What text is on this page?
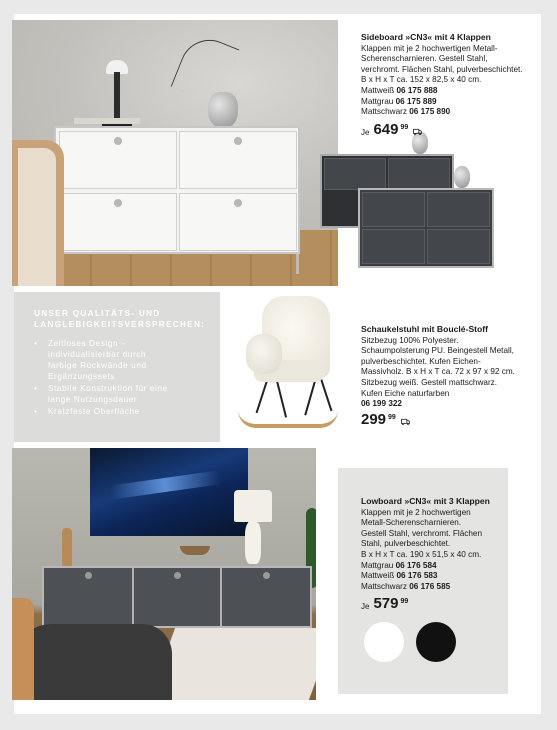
Sideboard »CN3« mit 4 Klappen
Klappen mit je 2 hochwertigen Metall-
Scherenscharnieren. Gestell Stahl,
verchromt. Flächen Stahl, pulverbeschichtet.
B x H x T ca. 152 x 82,5 x 40 cm.
Mattweiß 06 175 888
Mattgrau 06 175 889
Mattschwarz 06 175 890
Je 649 99
UNSER QUALITÄTS- UND
LANGLEBIGKEITSVERSPRECHEN:
• Zeitloses Design –
individualisierbar durch
farbige Rückwände und
Ergänzungssets
• Stabile Konstruktion für eine
lange Nutzungsdauer
• Kratzfeste Oberfläche
Schaukelstuhl mit Bouclé-Stoff
Sitzbezug 100% Polyester.
Schaumpolsterung PU. Beingestell Metall,
pulverbeschichtet. Kufen Eichen-
Massivholz. B x H x T ca. 72 x 97 x 92 cm.
Sitzbezug weiß. Gestell mattschwarz.
Kufen Eiche naturfarben
06 199 322
299 99
Lowboard »CN3« mit 3 Klappen
Klappen mit je 2 hochwertigen
Metall-Scherenscharnieren.
Gestell Stahl, verchromt. Flächen
Stahl, pulverbeschichtet.
B x H x T ca. 190 x 51,5 x 40 cm.
Mattgrau 06 176 584
Mattweiß 06 176 583
Mattschwarz 06 176 585
Je 579 99
